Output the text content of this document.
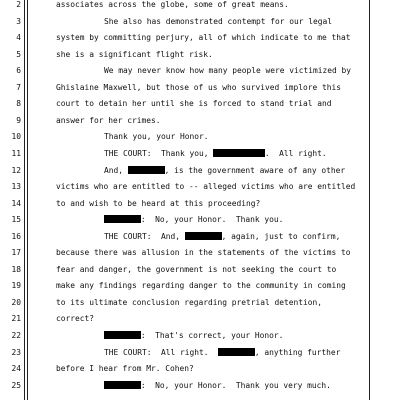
2	associates across the globe, some of great means.
3	She also has demonstrated contempt for our legal
4	system by committing perjury, all of which indicate to me that
5	she is a significant flight risk.
6	We may never know how many people were victimized by
7	Ghislaine Maxwell, but those of us who survived implore this
8	court to detain her until she is forced to stand trial and
9	answer for her crimes.
10	Thank you, your Honor.
11	THE COURT:  Thank you,	.  All right.
12	And,	, is the government aware of any other
13	victims who are entitled to -- alleged victims who are entitled
14	to and wish to be heard at this proceeding?
15	:  No, your Honor.  Thank you.
16	THE COURT:  And,	, again, just to confirm,
17	because there was allusion in the statements of the victims to
18	fear and danger, the government is not seeking the court to
19	make any findings regarding danger to the community in coming
20	to its ultimate conclusion regarding pretrial detention,
21	correct?
22	:  That's correct, your Honor.
23	THE COURT:  All right.	, anything further
24	before I hear from Mr. Cohen?
25	:  No, your Honor.  Thank you very much.
